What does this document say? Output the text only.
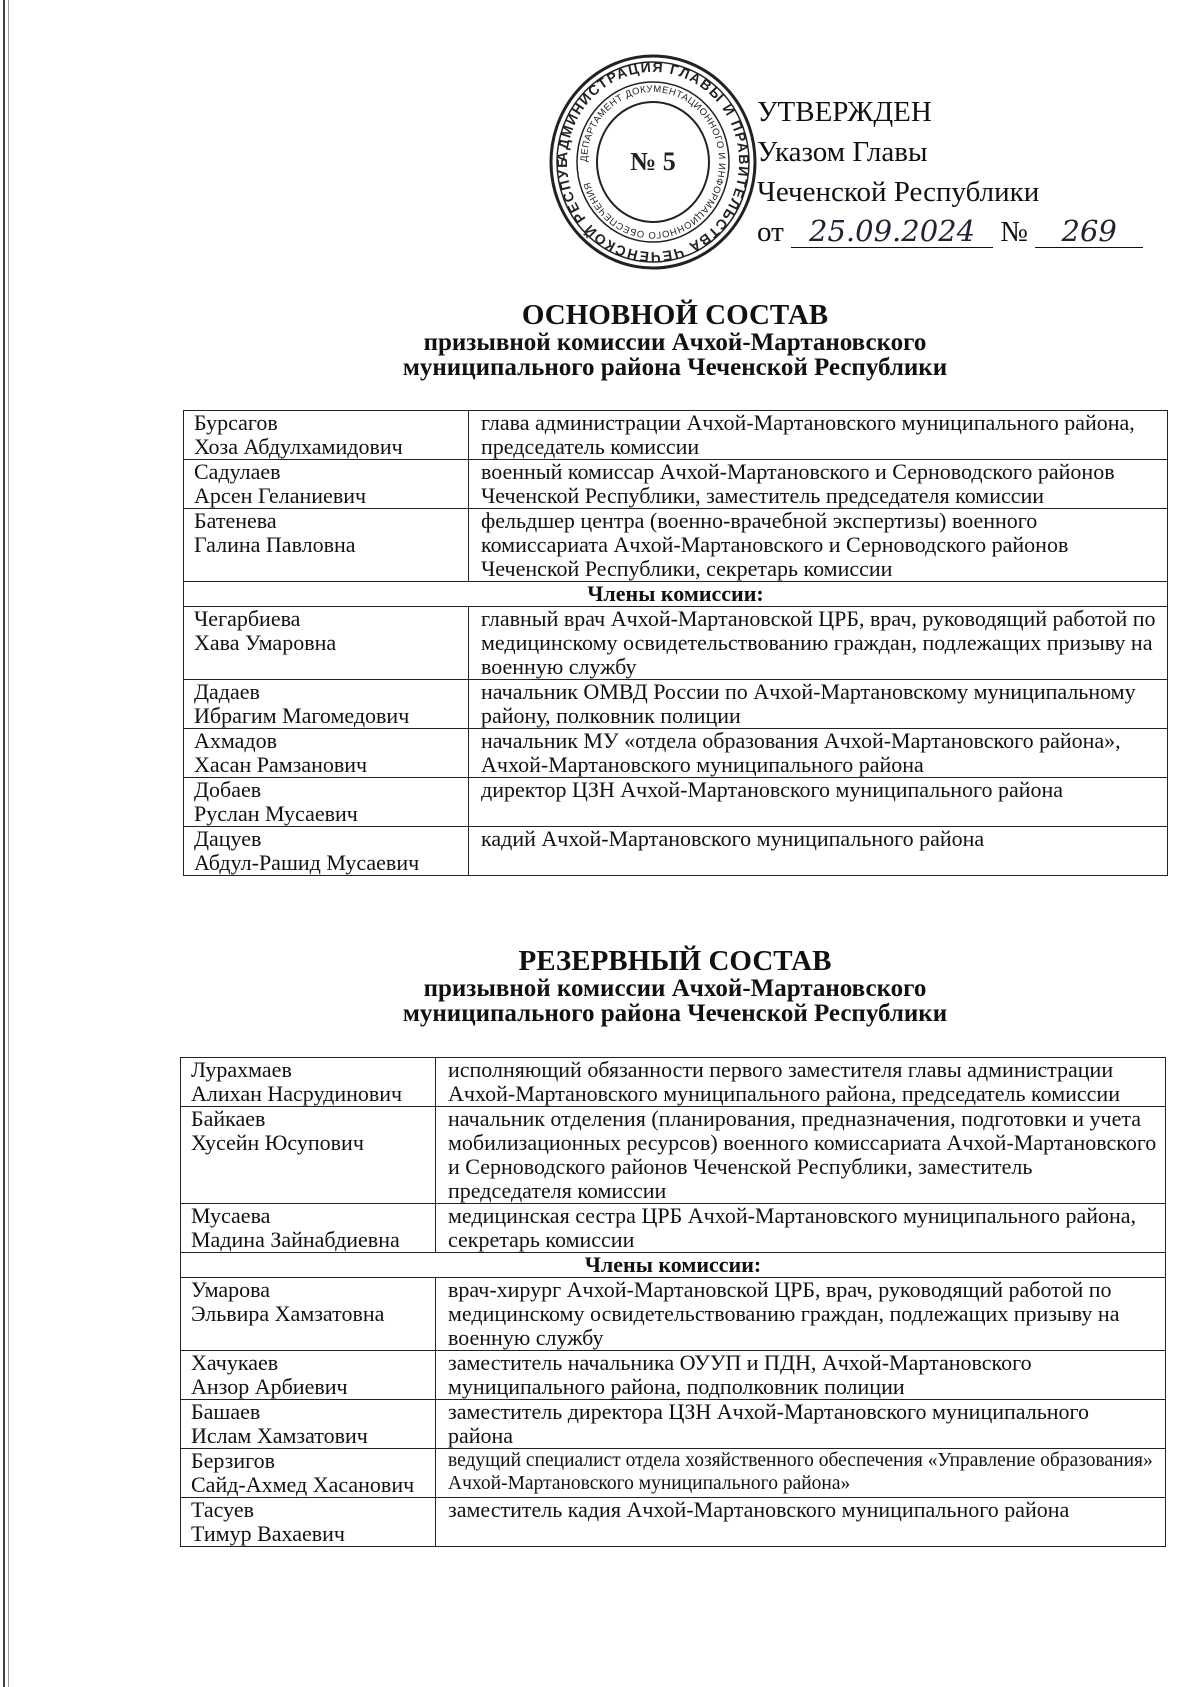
АДМИНИСТРАЦИЯ ГЛАВЫ И ПРАВИТЕЛЬСТВА ЧЕЧЕНСКОЙ РЕСПУБ ДЕПАРТАМЕНТ ДОКУМЕНТАЦИОННОГО И ИНФОРМАЦИОННОГО ОБЕСПЕЧЕНИЯ
№ 5
УТВЕРЖДЕН
Указом Главы
Чеченской Республики
от 25.09.2024 № 269
ОСНОВНОЙ СОСТАВ
призывной комиссии Ачхой-Мартановского
муниципального района Чеченской Республики
Бурсагов
Хоза Абдулхамидович	глава администрации Ачхой-Мартановского муниципального района, председатель комиссии

Садулаев
Арсен Геланиевич	военный комиссар Ачхой-Мартановского и Серноводского районов Чеченской Республики, заместитель председателя комиссии

Батенева
Галина Павловна	фельдшер центра (военно-врачебной экспертизы) военного комиссариата Ачхой-Мартановского и Серноводского районов Чеченской Республики, секретарь комиссии
Члены комиссии:	

Чегарбиева
Хава Умаровна	главный врач Ачхой-Мартановской ЦРБ, врач, руководящий работой по медицинскому освидетельствованию граждан, подлежащих призыву на военную службу

Дадаев
Ибрагим Магомедович	начальник ОМВД России по Ачхой-Мартановскому муниципальному району, полковник полиции

Ахмадов
Хасан Рамзанович	начальник МУ «отдела образования Ачхой-Мартановского района», Ачхой-Мартановского муниципального района

Добаев
Руслан Мусаевич	директор ЦЗН Ачхой-Мартановского муниципального района

Дацуев
Абдул-Рашид Мусаевич	кадий Ачхой-Мартановского муниципального района
РЕЗЕРВНЫЙ СОСТАВ
призывной комиссии Ачхой-Мартановского
муниципального района Чеченской Республики
Лурахмаев
Алихан Насрудинович	исполняющий обязанности первого заместителя главы администрации Ачхой-Мартановского муниципального района, председатель комиссии

Байкаев
Хусейн Юсупович	начальник отделения (планирования, предназначения, подготовки и учета мобилизационных ресурсов) военного комиссариата Ачхой-Мартановского и Серноводского районов Чеченской Республики, заместитель председателя комиссии

Мусаева
Мадина Зайнабдиевна	медицинская сестра ЦРБ Ачхой-Мартановского муниципального района, секретарь комиссии
Члены комиссии:	

Умарова
Эльвира Хамзатовна	врач-хирург Ачхой-Мартановской ЦРБ, врач, руководящий работой по медицинскому освидетельствованию граждан, подлежащих призыву на военную службу

Хачукаев
Анзор Арбиевич	заместитель начальника ОУУП и ПДН, Ачхой-Мартановского муниципального района, подполковник полиции

Башаев
Ислам Хамзатович	заместитель директора ЦЗН Ачхой-Мартановского муниципального района

Берзигов
Сайд-Ахмед Хасанович	ведущий специалист отдела хозяйственного обеспечения «Управление образования» Ачхой-Мартановского муниципального района»

Тасуев
Тимур Вахаевич	заместитель кадия Ачхой-Мартановского муниципального района
